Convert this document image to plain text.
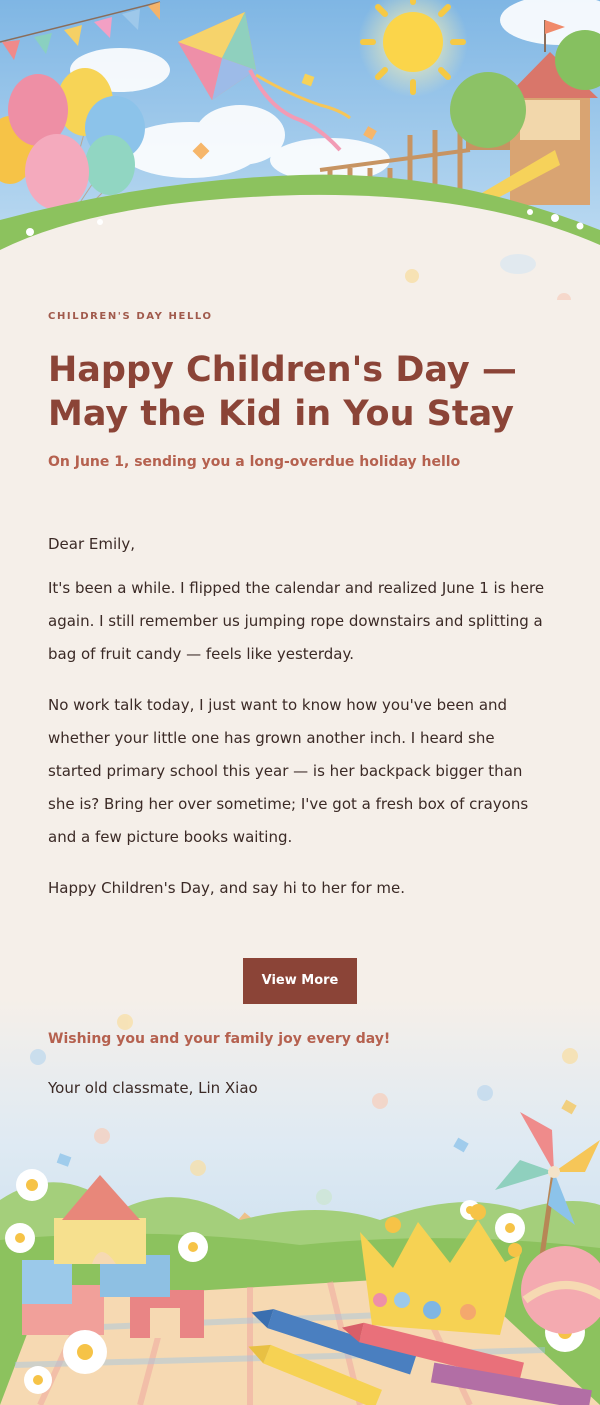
CHILDREN'S DAY HELLO
Happy Children's Day — May the Kid in You Stay

On June 1, sending you a long-overdue holiday hello

Dear Emily,

It's been a while. I flipped the calendar and realized June 1 is here again. I still remember us jumping rope downstairs and splitting a bag of fruit candy — feels like yesterday.

No work talk today, I just want to know how you've been and whether your little one has grown another inch. I heard she started primary school this year — is her backpack bigger than she is? Bring her over sometime; I've got a fresh box of crayons and a few picture books waiting.

Happy Children's Day, and say hi to her for me.

View More

Wishing you and your family joy every day!

Your old classmate, Lin Xiao
